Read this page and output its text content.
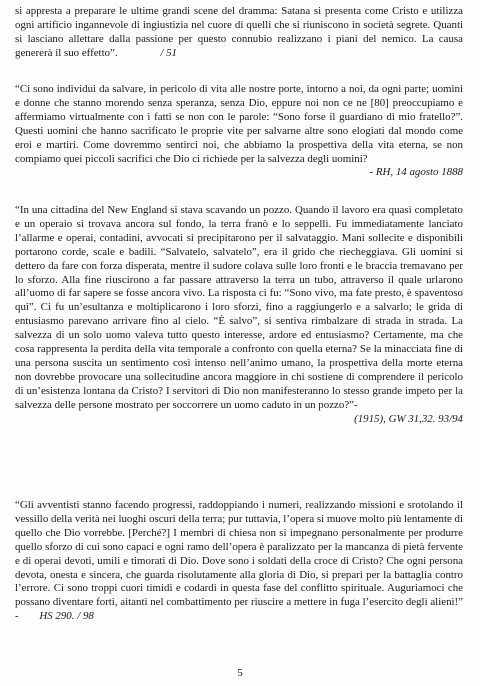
si appresta a preparare le ultime grandi scene del dramma: Satana si presenta come Cristo e utilizza ogni artificio ingannevole di ingiustizia nel cuore di quelli che si riuniscono in società segrete. Quanti si lasciano allettare dalla passione per questo connubio realizzano i piani del nemico. La causa genererà il suo effetto”.	/ 51

“Ci sono individui da salvare, in pericolo di vita alle nostre porte, intorno a noi, da ogni parte; uomini e donne che stanno morendo senza speranza, senza Dio, eppure noi non ce ne [80] preoccupiamo e affermiamo virtualmente con i fatti se non con le parole: “Sono forse il guardiano di mio fratello?”. Questi uomini che hanno sacrificato le proprie vite per salvarne altre sono elogiati dal mondo come eroi e martiri. Come dovremmo sentirci noi, che abbiamo la prospettiva della vita eterna, se non compiamo quei piccoli sacrifici che Dio ci richiede per la salvezza degli uomini?

- RH, 14 agosto 1888

“In una cittadina del New England si stava scavando un pozzo. Quando il lavoro era quasi completato e un operaio si trovava ancora sul fondo, la terra franò e lo seppellì. Fu immediatamente lanciato l’allarme e operai, contadini, avvocati si precipitarono per il salvataggio. Mani sollecite e disponibili portarono corde, scale e badili. “Salvatelo, salvatelo”, era il grido che riecheggiava. Gli uomini si dettero da fare con forza disperata, mentre il sudore colava sulle loro fronti e le braccia tremavano per lo sforzo. Alla fine riuscirono a far passare attraverso la terra un tubo, attraverso il quale urlarono all’uomo di far sapere se fosse ancora vivo. La risposta ci fu: “Sono vivo, ma fate presto, è spaventoso qui”. Ci fu un’esultanza e moltiplicarono i loro sforzi, fino a raggiungerlo e a salvarlo; le grida di entusiasmo parevano arrivare fino al cielo. “È salvo”, si sentiva rimbalzare di strada in strada. La salvezza di un solo uomo valeva tutto questo interesse, ardore ed entusiasmo? Certamente, ma che cosa rappresenta la perdita della vita temporale a confronto con quella eterna? Se la minacciata fine di una persona suscita un sentimento così intenso nell’animo umano, la prospettiva della morte eterna non dovrebbe provocare una sollecitudine ancora maggiore in chi sostiene di comprendere il pericolo di un’esistenza lontana da Cristo? I servitori di Dio non manifesteranno lo stesso grande impeto per la salvezza delle persone mostrato per soccorrere un uomo caduto in un pozzo?”-

(1915), GW 31,32. 93/94

“Gli avventisti stanno facendo progressi, raddoppiando i numeri, realizzando missioni e srotolando il vessillo della verità nei luoghi oscuri della terra; pur tuttavia, l’opera si muove molto più lentamente di quello che Dio vorrebbe. [Perché?] I membri di chiesa non si impegnano personalmente per produrre quello sforzo di cui sono capaci e ogni ramo dell’opera è paralizzato per la mancanza di pietà fervente e di operai devoti, umili e timorati di Dio. Dove sono i soldati della croce di Cristo? Che ogni persona devota, onesta e sincera, che guarda risolutamente alla gloria di Dio, si prepari per la battaglia contro l’errore. Ci sono troppi cuori timidi e codardi in questa fase del conflitto spirituale. Auguriamoci che possano diventare forti, aitanti nel combattimento per riuscire a mettere in fuga l’esercito degli alieni!” - HS 290. / 98

5
